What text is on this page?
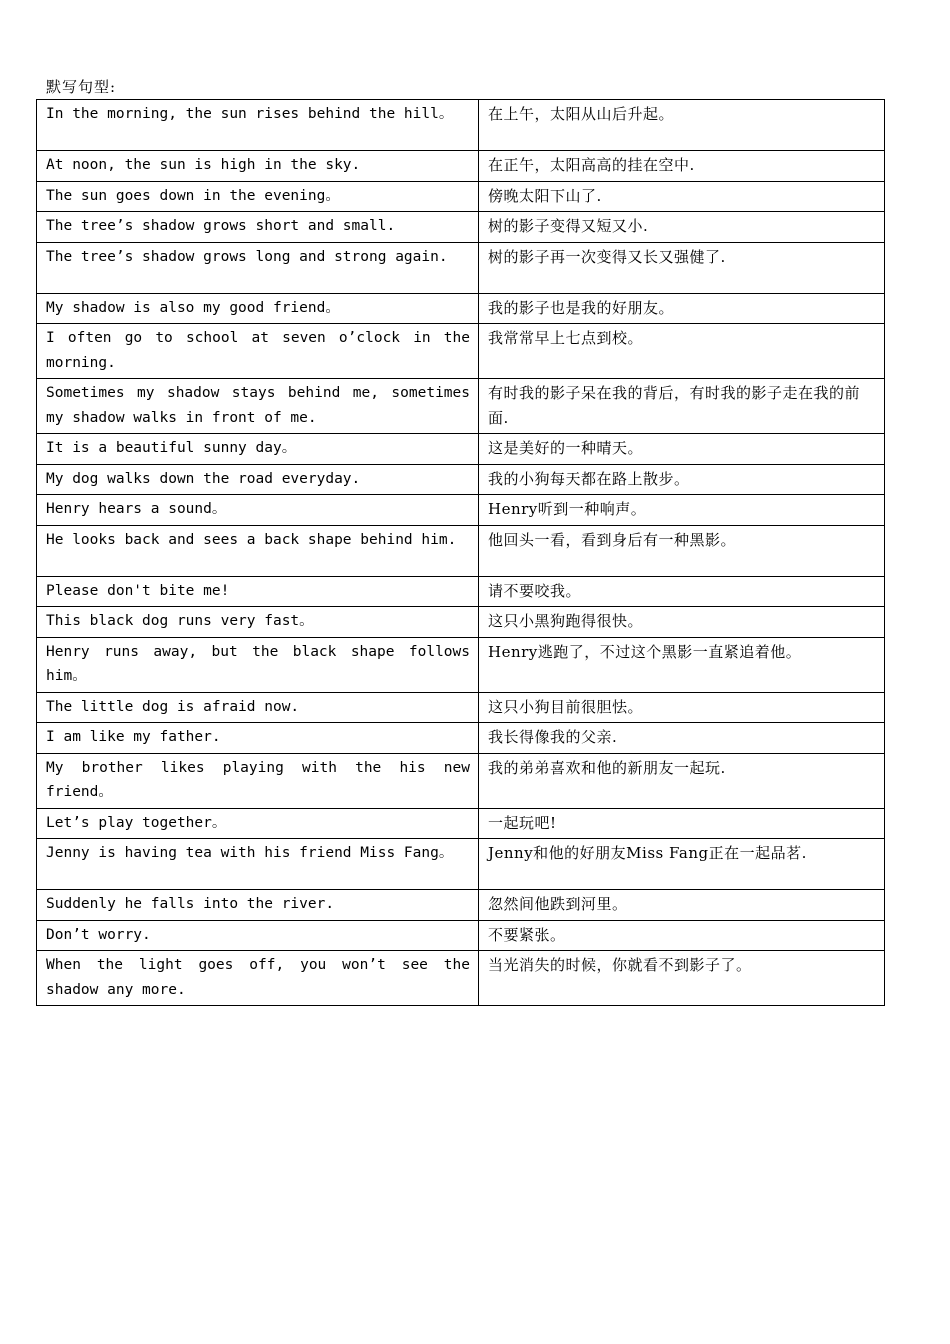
默写句型:
In the morning, the sun rises behind the hill。	在上午，太阳从山后升起。
At noon, the sun is high in the sky.	在正午，太阳高高的挂在空中.
The sun goes down in the evening。	傍晚太阳下山了.
The tree’s shadow grows short and small.	树的影子变得又短又小.
The tree’s shadow grows long and strong again.	树的影子再一次变得又长又强健了.
My shadow is also my good friend。	我的影子也是我的好朋友。
I often go to school at seven o’clock in the morning.	我常常早上七点到校。
Sometimes my shadow stays behind me, sometimes my shadow walks in front of me.	有时我的影子呆在我的背后，有时我的影子走在我的前面.
It is a beautiful sunny day。	这是美好的一种晴天。
My dog walks down the road everyday.	我的小狗每天都在路上散步。
Henry hears a sound。	Henry听到一种响声。
He looks back and sees a back shape behind him.	他回头一看，看到身后有一种黑影。
Please don't bite me!	请不要咬我。
This black dog runs very fast。	这只小黑狗跑得很快。
Henry runs away, but the black shape follows him。	Henry逃跑了，不过这个黑影一直紧追着他。
The little dog is afraid now.	这只小狗目前很胆怯。
I am like my father.	我长得像我的父亲.
My brother likes playing with the his new friend。	我的弟弟喜欢和他的新朋友一起玩.
Let’s play together。	一起玩吧!
Jenny is having tea with his friend Miss Fang。	Jenny和他的好朋友Miss Fang正在一起品茗.
Suddenly he falls into the river.	忽然间他跌到河里。
Don’t worry.	不要紧张。
When the light goes off, you won’t see the shadow any more.	当光消失的时候，你就看不到影子了。
